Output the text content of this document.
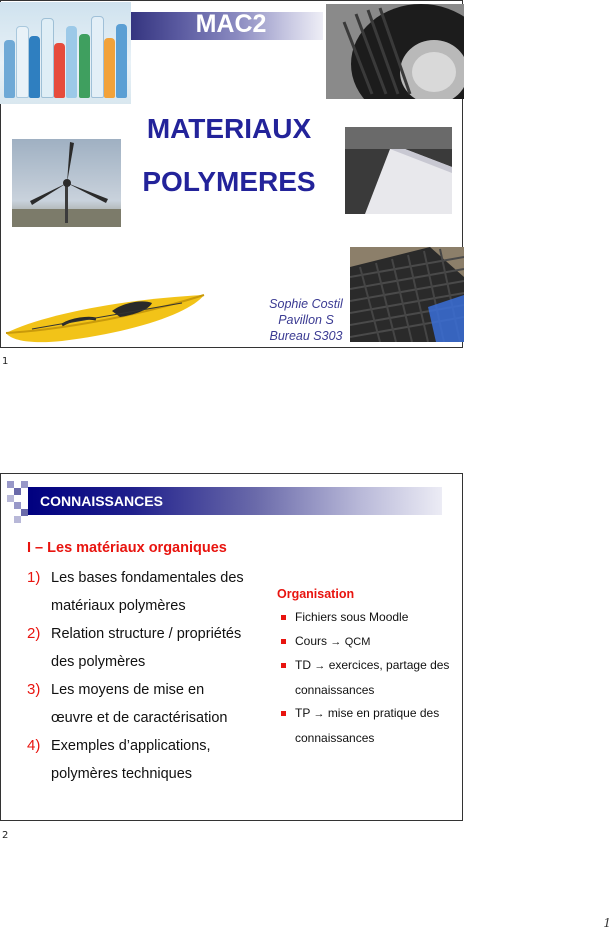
MAC2
MATERIAUX
POLYMERES
Sophie Costil
Pavillon S
Bureau S303
1
CONNAISSANCES
I – Les matériaux organiques
1) Les bases fondamentales des
matériaux polymères
2) Relation structure / propriétés
des polymères
3) Les moyens de mise en
œuvre et de caractérisation
4) Exemples d’applications,
polymères techniques
Organisation
Fichiers sous Moodle
Cours → QCM
TD → exercices, partage des
connaissances
TP → mise en pratique des
connaissances
2
1
